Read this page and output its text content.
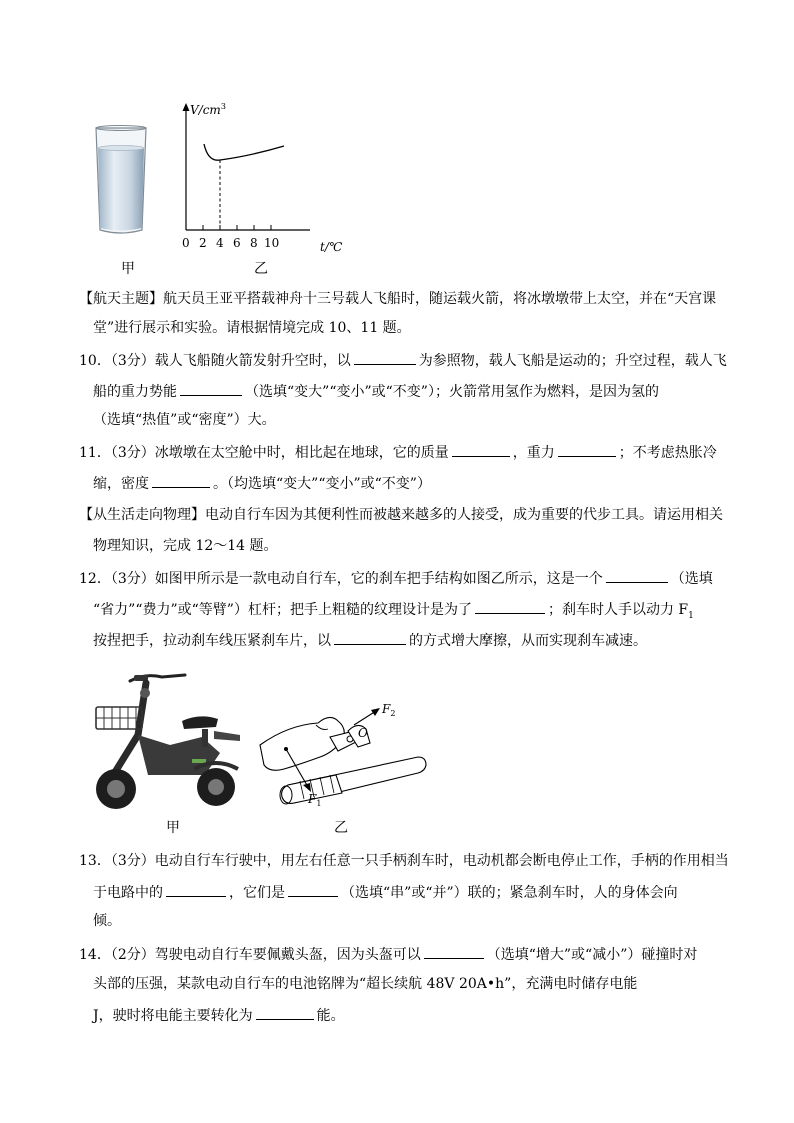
$V/cm^3$
0 2 4 6 8 10	t/℃
甲	乙
【航天主题】航天员王亚平搭载神舟十三号载人飞船时，随运载火箭，将冰墩墩带上太空，并在“天宫课
堂”进行展示和实验。请根据情境完成 10、11 题。
10．（3分）载人飞船随火箭发射升空时，以	为参照物，载人飞船是运动的；升空过程，载人飞
船的重力势能	（选填“变大”“变小”或“不变”）；火箭常用氢作为燃料，是因为氢的
（选填“热值”或“密度”）大。
11．（3分）冰墩墩在太空舱中时，相比起在地球，它的质量	，重力	；不考虑热胀冷
缩，密度	。（均选填“变大”“变小”或“不变”）
【从生活走向物理】电动自行车因为其便利性而被越来越多的人接受，成为重要的代步工具。请运用相关
物理知识，完成 12～14 题。
12．（3分）如图甲所示是一款电动自行车，它的刹车把手结构如图乙所示，这是一个	（选填
“省力”“费力”或“等臂”）杠杆；把手上粗糙的纹理设计是为了	；刹车时人手以动力 $F_1$
按捏把手，拉动刹车线压紧刹车片，以	的方式增大摩擦，从而实现刹车减速。
$F_2$
O
$F_1$
甲	乙
13．（3分）电动自行车行驶中，用左右任意一只手柄刹车时，电动机都会断电停止工作，手柄的作用相当
于电路中的	，它们是	（选填“串”或“并”）联的；紧急刹车时，人的身体会向
倾。
14．（2分）驾驶电动自行车要佩戴头盔，因为头盔可以	（选填“增大”或“减小”）碰撞时对
头部的压强，某款电动自行车的电池铭牌为“超长续航 48V 20A•h”，充满电时储存电能
J，驶时将电能主要转化为	能。
